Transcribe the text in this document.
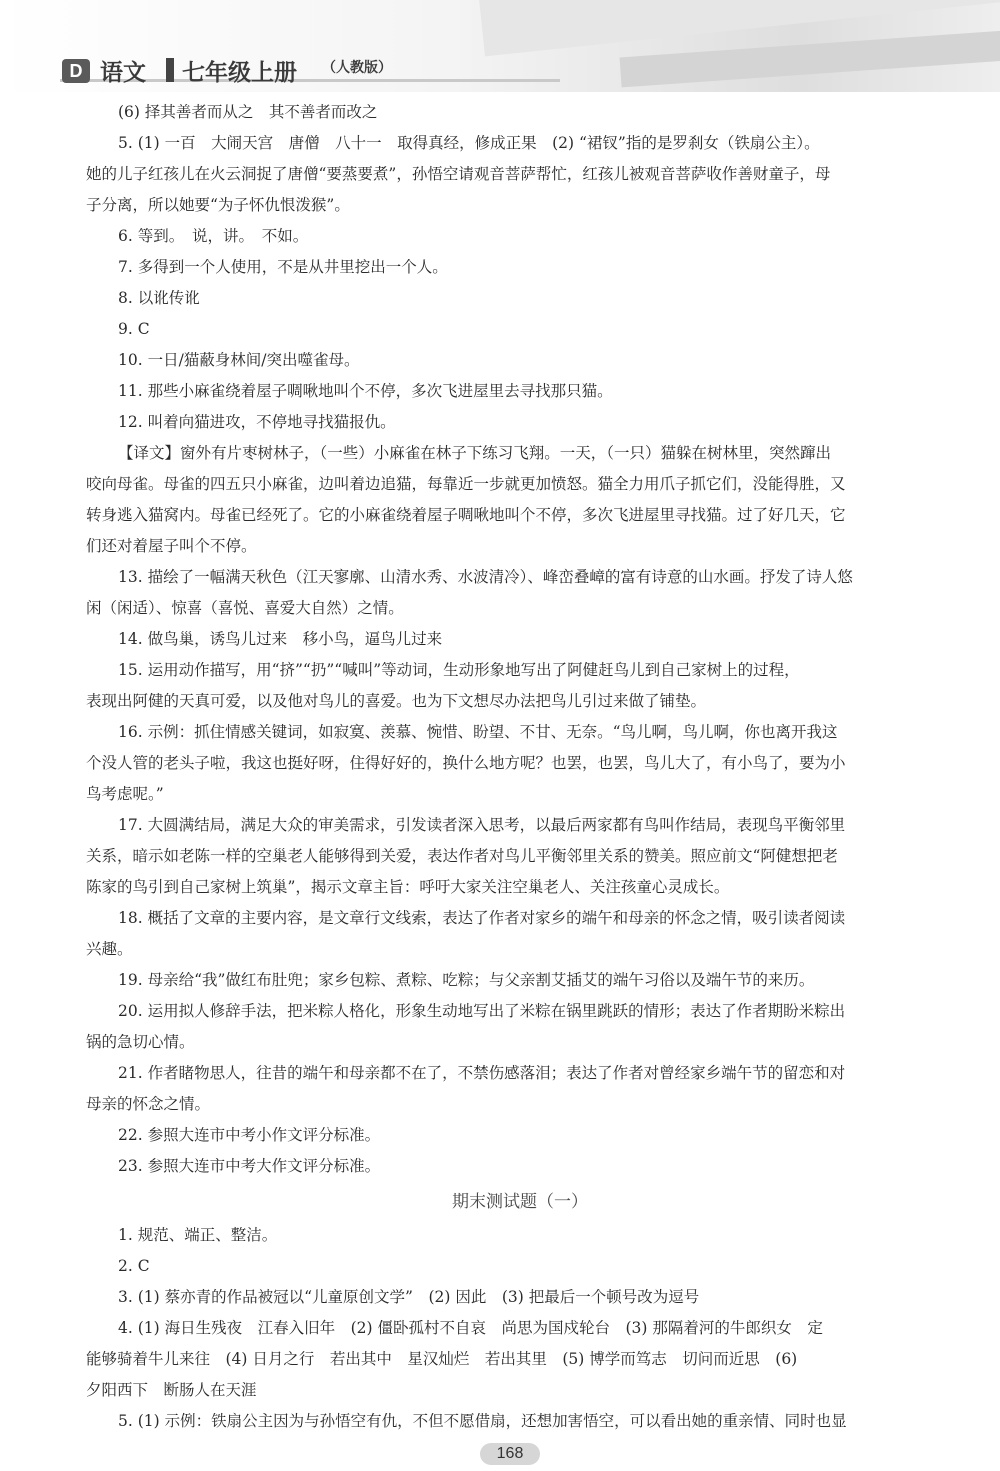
D 语文 七年级上册 （人教版）

(6) 择其善者而从之　其不善者而改之

5. (1) 一百　大闹天宫　唐僧　八十一　取得真经，修成正果　(2) “裙钗”指的是罗刹女（铁扇公主）。

她的儿子红孩儿在火云洞捉了唐僧“要蒸要煮”，孙悟空请观音菩萨帮忙，红孩儿被观音菩萨收作善财童子，母

子分离，所以她要“为子怀仇恨泼猴”。

6. 等到。　说，讲。　不如。

7. 多得到一个人使用，不是从井里挖出一个人。

8. 以讹传讹

9. C

10. 一日/猫蔽身林间/突出噬雀母。

11. 那些小麻雀绕着屋子啁啾地叫个不停，多次飞进屋里去寻找那只猫。

12. 叫着向猫进攻，不停地寻找猫报仇。

【译文】窗外有片枣树林子，（一些）小麻雀在林子下练习飞翔。一天，（一只）猫躲在树林里，突然蹿出

咬向母雀。母雀的四五只小麻雀，边叫着边追猫，每靠近一步就更加愤怒。猫全力用爪子抓它们，没能得胜，又

转身逃入猫窝内。母雀已经死了。它的小麻雀绕着屋子啁啾地叫个不停，多次飞进屋里寻找猫。过了好几天，它

们还对着屋子叫个不停。

13. 描绘了一幅满天秋色（江天寥廓、山清水秀、水波清冷）、峰峦叠嶂的富有诗意的山水画。抒发了诗人悠

闲（闲适）、惊喜（喜悦、喜爱大自然）之情。

14. 做鸟巢，诱鸟儿过来　移小鸟，逼鸟儿过来

15. 运用动作描写，用“挤”“扔”“喊叫”等动词，生动形象地写出了阿健赶鸟儿到自己家树上的过程，

表现出阿健的天真可爱，以及他对鸟儿的喜爱。也为下文想尽办法把鸟儿引过来做了铺垫。

16. 示例：抓住情感关键词，如寂寞、羡慕、惋惜、盼望、不甘、无奈。“鸟儿啊，鸟儿啊，你也离开我这

个没人管的老头子啦，我这也挺好呀，住得好好的，换什么地方呢？也罢，也罢，鸟儿大了，有小鸟了，要为小

鸟考虑呢。”

17. 大圆满结局，满足大众的审美需求，引发读者深入思考，以最后两家都有鸟叫作结局，表现鸟平衡邻里

关系，暗示如老陈一样的空巢老人能够得到关爱，表达作者对鸟儿平衡邻里关系的赞美。照应前文“阿健想把老

陈家的鸟引到自己家树上筑巢”，揭示文章主旨：呼吁大家关注空巢老人、关注孩童心灵成长。

18. 概括了文章的主要内容，是文章行文线索，表达了作者对家乡的端午和母亲的怀念之情，吸引读者阅读

兴趣。

19. 母亲给“我”做红布肚兜；家乡包粽、煮粽、吃粽；与父亲割艾插艾的端午习俗以及端午节的来历。

20. 运用拟人修辞手法，把米粽人格化，形象生动地写出了米粽在锅里跳跃的情形；表达了作者期盼米粽出

锅的急切心情。

21. 作者睹物思人，往昔的端午和母亲都不在了，不禁伤感落泪；表达了作者对曾经家乡端午节的留恋和对

母亲的怀念之情。

22. 参照大连市中考小作文评分标准。

23. 参照大连市中考大作文评分标准。

期末测试题（一）

1. 规范、端正、整洁。

2. C

3. (1) 蔡亦青的作品被冠以“儿童原创文学”　(2) 因此　(3) 把最后一个顿号改为逗号

4. (1) 海日生残夜　江春入旧年　(2) 僵卧孤村不自哀　尚思为国戍轮台　(3) 那隔着河的牛郎织女　定

能够骑着牛儿来往　(4) 日月之行　若出其中　星汉灿烂　若出其里　(5) 博学而笃志　切问而近思　(6)

夕阳西下　断肠人在天涯

5. (1) 示例：铁扇公主因为与孙悟空有仇，不但不愿借扇，还想加害悟空，可以看出她的重亲情、同时也显

168
